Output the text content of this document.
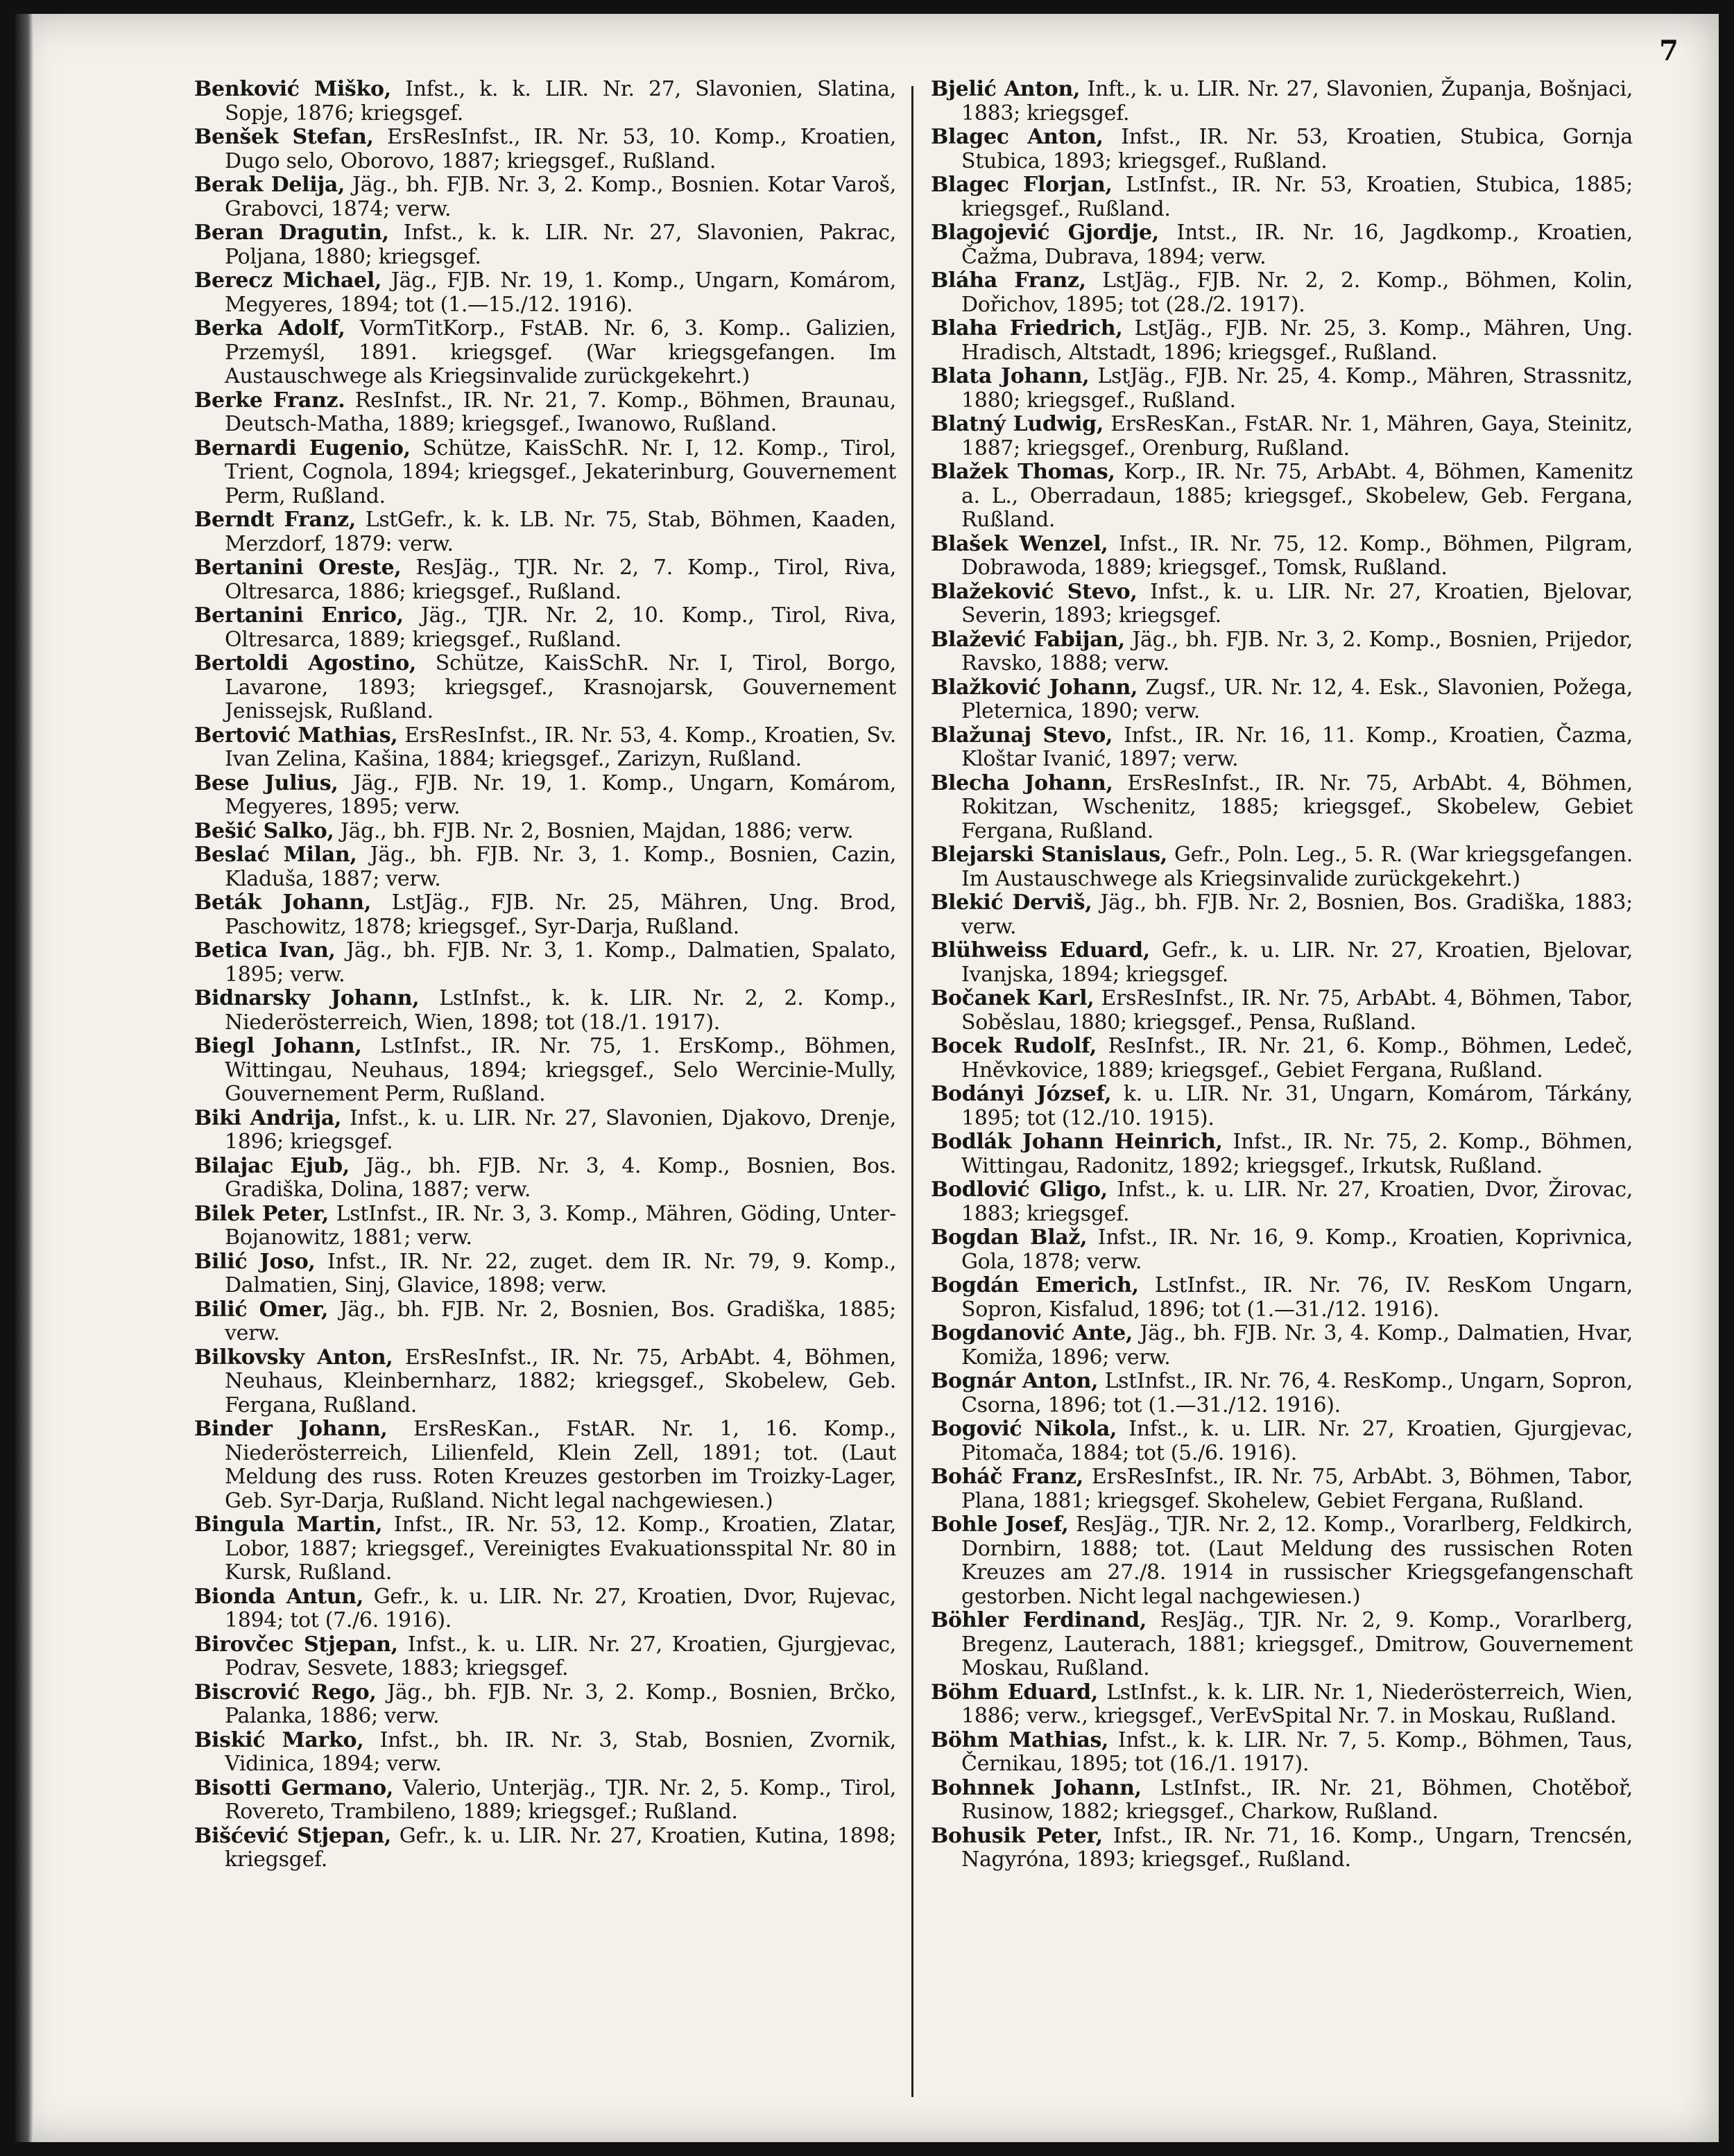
7
Benković Miško, Infst., k. k. LIR. Nr. 27, Slavonien, Slatina, Sopje, 1876; kriegsgef.
Benšek Stefan, ErsResInfst., IR. Nr. 53, 10. Komp., Kroatien, Dugo selo, Oborovo, 1887; kriegsgef., Rußland.
Berak Delija, Jäg., bh. FJB. Nr. 3, 2. Komp., Bosnien. Kotar Varoš, Grabovci, 1874; verw.
Beran Dragutin, Infst., k. k. LIR. Nr. 27, Slavonien, Pakrac, Poljana, 1880; kriegsgef.
Berecz Michael, Jäg., FJB. Nr. 19, 1. Komp., Ungarn, Komárom, Megyeres, 1894; tot (1.—15./12. 1916).
Berka Adolf, VormTitKorp., FstAB. Nr. 6, 3. Komp.. Galizien, Przemyśl, 1891. kriegsgef. (War kriegsgefangen. Im Austauschwege als Kriegsinvalide zurückgekehrt.)
Berke Franz. ResInfst., IR. Nr. 21, 7. Komp., Böhmen, Braunau, Deutsch-Matha, 1889; kriegsgef., Iwanowo, Rußland.
Bernardi Eugenio, Schütze, KaisSchR. Nr. I, 12. Komp., Tirol, Trient, Cognola, 1894; kriegsgef., Jekaterinburg, Gouvernement Perm, Rußland.
Berndt Franz, LstGefr., k. k. LB. Nr. 75, Stab, Böhmen, Kaaden, Merzdorf, 1879: verw.
Bertanini Oreste, ResJäg., TJR. Nr. 2, 7. Komp., Tirol, Riva, Oltresarca, 1886; kriegsgef., Rußland.
Bertanini Enrico, Jäg., TJR. Nr. 2, 10. Komp., Tirol, Riva, Oltresarca, 1889; kriegsgef., Rußland.
Bertoldi Agostino, Schütze, KaisSchR. Nr. I, Tirol, Borgo, Lavarone, 1893; kriegsgef., Krasnojarsk, Gouvernement Jenissejsk, Rußland.
Bertović Mathias, ErsResInfst., IR. Nr. 53, 4. Komp., Kroatien, Sv. Ivan Zelina, Kašina, 1884; kriegsgef., Zarizyn, Rußland.
Bese Julius, Jäg., FJB. Nr. 19, 1. Komp., Ungarn, Komárom, Megyeres, 1895; verw.
Bešić Salko, Jäg., bh. FJB. Nr. 2, Bosnien, Majdan, 1886; verw.
Beslać Milan, Jäg., bh. FJB. Nr. 3, 1. Komp., Bosnien, Cazin, Kladuša, 1887; verw.
Beták Johann, LstJäg., FJB. Nr. 25, Mähren, Ung. Brod, Paschowitz, 1878; kriegsgef., Syr-Darja, Rußland.
Betica Ivan, Jäg., bh. FJB. Nr. 3, 1. Komp., Dalmatien, Spalato, 1895; verw.
Bidnarsky Johann, LstInfst., k. k. LIR. Nr. 2, 2. Komp., Niederösterreich, Wien, 1898; tot (18./1. 1917).
Biegl Johann, LstInfst., IR. Nr. 75, 1. ErsKomp., Böhmen, Wittingau, Neuhaus, 1894; kriegsgef., Selo Wercinie-Mully, Gouvernement Perm, Rußland.
Biki Andrija, Infst., k. u. LIR. Nr. 27, Slavonien, Djakovo, Drenje, 1896; kriegsgef.
Bilajac Ejub, Jäg., bh. FJB. Nr. 3, 4. Komp., Bosnien, Bos. Gradiška, Dolina, 1887; verw.
Bilek Peter, LstInfst., IR. Nr. 3, 3. Komp., Mähren, Göding, Unter-Bojanowitz, 1881; verw.
Bilić Joso, Infst., IR. Nr. 22, zuget. dem IR. Nr. 79, 9. Komp., Dalmatien, Sinj, Glavice, 1898; verw.
Bilić Omer, Jäg., bh. FJB. Nr. 2, Bosnien, Bos. Gradiška, 1885; verw.
Bilkovsky Anton, ErsResInfst., IR. Nr. 75, ArbAbt. 4, Böhmen, Neuhaus, Kleinbernharz, 1882; kriegsgef., Skobelew, Geb. Fergana, Rußland.
Binder Johann, ErsResKan., FstAR. Nr. 1, 16. Komp., Niederösterreich, Lilienfeld, Klein Zell, 1891; tot. (Laut Meldung des russ. Roten Kreuzes gestorben im Troizky-Lager, Geb. Syr-Darja, Rußland. Nicht legal nachgewiesen.)
Bingula Martin, Infst., IR. Nr. 53, 12. Komp., Kroatien, Zlatar, Lobor, 1887; kriegsgef., Vereinigtes Evakuationsspital Nr. 80 in Kursk, Rußland.
Bionda Antun, Gefr., k. u. LIR. Nr. 27, Kroatien, Dvor, Rujevac, 1894; tot (7./6. 1916).
Birovčec Stjepan, Infst., k. u. LIR. Nr. 27, Kroatien, Gjurgjevac, Podrav, Sesvete, 1883; kriegsgef.
Biscrović Rego, Jäg., bh. FJB. Nr. 3, 2. Komp., Bosnien, Brčko, Palanka, 1886; verw.
Biskić Marko, Infst., bh. IR. Nr. 3, Stab, Bosnien, Zvornik, Vidinica, 1894; verw.
Bisotti Germano, Valerio, Unterjäg., TJR. Nr. 2, 5. Komp., Tirol, Rovereto, Trambileno, 1889; kriegsgef.; Rußland.
Bišćević Stjepan, Gefr., k. u. LIR. Nr. 27, Kroatien, Kutina, 1898; kriegsgef.
Bjelić Anton, Inft., k. u. LIR. Nr. 27, Slavonien, Županja, Bošnjaci, 1883; kriegsgef.
Blagec Anton, Infst., IR. Nr. 53, Kroatien, Stubica, Gornja Stubica, 1893; kriegsgef., Rußland.
Blagec Florjan, LstInfst., IR. Nr. 53, Kroatien, Stubica, 1885; kriegsgef., Rußland.
Blagojević Gjordje, Intst., IR. Nr. 16, Jagdkomp., Kroatien, Čažma, Dubrava, 1894; verw.
Bláha Franz, LstJäg., FJB. Nr. 2, 2. Komp., Böhmen, Kolin, Dořichov, 1895; tot (28./2. 1917).
Blaha Friedrich, LstJäg., FJB. Nr. 25, 3. Komp., Mähren, Ung. Hradisch, Altstadt, 1896; kriegsgef., Rußland.
Blata Johann, LstJäg., FJB. Nr. 25, 4. Komp., Mähren, Strassnitz, 1880; kriegsgef., Rußland.
Blatný Ludwig, ErsResKan., FstAR. Nr. 1, Mähren, Gaya, Steinitz, 1887; kriegsgef., Orenburg, Rußland.
Blažek Thomas, Korp., IR. Nr. 75, ArbAbt. 4, Böhmen, Kamenitz a. L., Oberradaun, 1885; kriegsgef., Skobelew, Geb. Fergana, Rußland.
Blašek Wenzel, Infst., IR. Nr. 75, 12. Komp., Böhmen, Pilgram, Dobrawoda, 1889; kriegsgef., Tomsk, Rußland.
Blažeković Stevo, Infst., k. u. LIR. Nr. 27, Kroatien, Bjelovar, Severin, 1893; kriegsgef.
Blažević Fabijan, Jäg., bh. FJB. Nr. 3, 2. Komp., Bosnien, Prijedor, Ravsko, 1888; verw.
Blažković Johann, Zugsf., UR. Nr. 12, 4. Esk., Slavonien, Požega, Pleternica, 1890; verw.
Blažunaj Stevo, Infst., IR. Nr. 16, 11. Komp., Kroatien, Čazma, Kloštar Ivanić, 1897; verw.
Blecha Johann, ErsResInfst., IR. Nr. 75, ArbAbt. 4, Böhmen, Rokitzan, Wschenitz, 1885; kriegsgef., Skobelew, Gebiet Fergana, Rußland.
Blejarski Stanislaus, Gefr., Poln. Leg., 5. R. (War kriegsgefangen. Im Austauschwege als Kriegsinvalide zurückgekehrt.)
Blekić Derviš, Jäg., bh. FJB. Nr. 2, Bosnien, Bos. Gradiška, 1883; verw.
Blühweiss Eduard, Gefr., k. u. LIR. Nr. 27, Kroatien, Bjelovar, Ivanjska, 1894; kriegsgef.
Bočanek Karl, ErsResInfst., IR. Nr. 75, ArbAbt. 4, Böhmen, Tabor, Soběslau, 1880; kriegsgef., Pensa, Rußland.
Bocek Rudolf, ResInfst., IR. Nr. 21, 6. Komp., Böhmen, Ledeč, Hněvkovice, 1889; kriegsgef., Gebiet Fergana, Rußland.
Bodányi József, k. u. LIR. Nr. 31, Ungarn, Komárom, Tárkány, 1895; tot (12./10. 1915).
Bodlák Johann Heinrich, Infst., IR. Nr. 75, 2. Komp., Böhmen, Wittingau, Radonitz, 1892; kriegsgef., Irkutsk, Rußland.
Bodlović Gligo, Infst., k. u. LIR. Nr. 27, Kroatien, Dvor, Žirovac, 1883; kriegsgef.
Bogdan Blaž, Infst., IR. Nr. 16, 9. Komp., Kroatien, Koprivnica, Gola, 1878; verw.
Bogdán Emerich, LstInfst., IR. Nr. 76, IV. ResKom Ungarn, Sopron, Kisfalud, 1896; tot (1.—31./12. 1916).
Bogdanović Ante, Jäg., bh. FJB. Nr. 3, 4. Komp., Dalmatien, Hvar, Komiža, 1896; verw.
Bognár Anton, LstInfst., IR. Nr. 76, 4. ResKomp., Ungarn, Sopron, Csorna, 1896; tot (1.—31./12. 1916).
Bogović Nikola, Infst., k. u. LIR. Nr. 27, Kroatien, Gjurgjevac, Pitomača, 1884; tot (5./6. 1916).
Boháč Franz, ErsResInfst., IR. Nr. 75, ArbAbt. 3, Böhmen, Tabor, Plana, 1881; kriegsgef. Skohelew, Gebiet Fergana, Rußland.
Bohle Josef, ResJäg., TJR. Nr. 2, 12. Komp., Vorarlberg, Feldkirch, Dornbirn, 1888; tot. (Laut Meldung des russischen Roten Kreuzes am 27./8. 1914 in russischer Kriegsgefangenschaft gestorben. Nicht legal nachgewiesen.)
Böhler Ferdinand, ResJäg., TJR. Nr. 2, 9. Komp., Vorarlberg, Bregenz, Lauterach, 1881; kriegsgef., Dmitrow, Gouvernement Moskau, Rußland.
Böhm Eduard, LstInfst., k. k. LIR. Nr. 1, Niederösterreich, Wien, 1886; verw., kriegsgef., VerEvSpital Nr. 7. in Moskau, Rußland.
Böhm Mathias, Infst., k. k. LIR. Nr. 7, 5. Komp., Böhmen, Taus, Černikau, 1895; tot (16./1. 1917).
Bohnnek Johann, LstInfst., IR. Nr. 21, Böhmen, Chotěboř, Rusinow, 1882; kriegsgef., Charkow, Rußland.
Bohusik Peter, Infst., IR. Nr. 71, 16. Komp., Ungarn, Trencsén, Nagyróna, 1893; kriegsgef., Rußland.
